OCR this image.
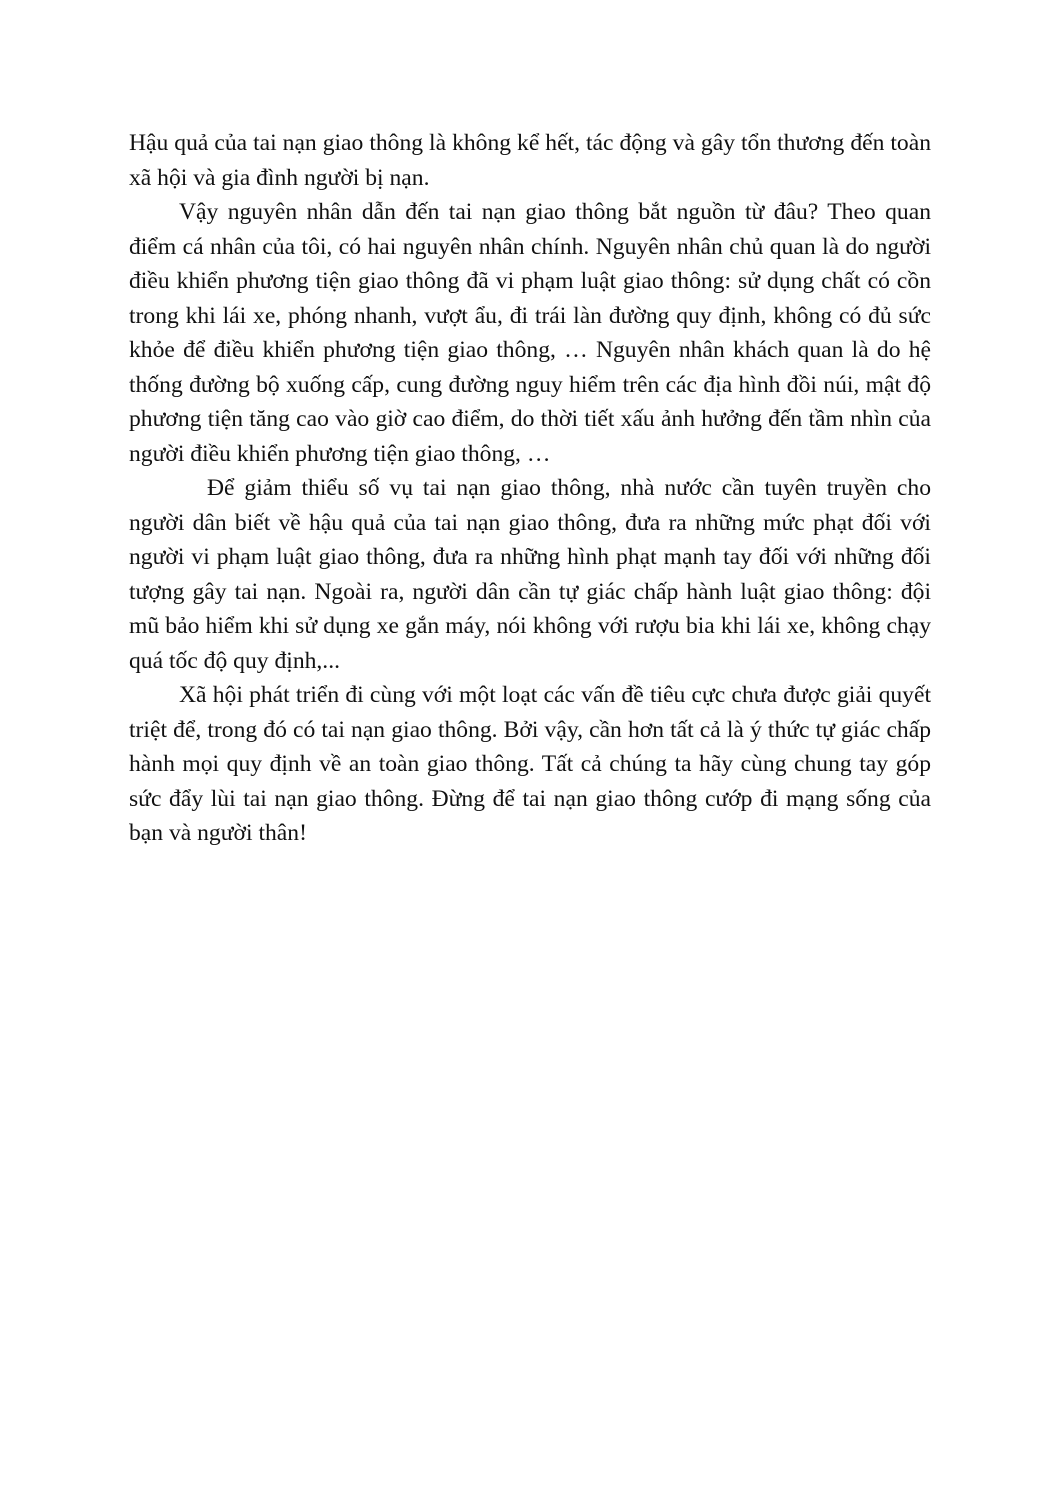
Hậu quả của tai nạn giao thông là không kể hết, tác động và gây tổn thương đến toàn xã hội và gia đình người bị nạn.

Vậy nguyên nhân dẫn đến tai nạn giao thông bắt nguồn từ đâu? Theo quan điểm cá nhân của tôi, có hai nguyên nhân chính. Nguyên nhân chủ quan là do người điều khiển phương tiện giao thông đã vi phạm luật giao thông: sử dụng chất có cồn trong khi lái xe, phóng nhanh, vượt ẩu, đi trái làn đường quy định, không có đủ sức khỏe để điều khiển phương tiện giao thông, … Nguyên nhân khách quan là do hệ thống đường bộ xuống cấp, cung đường nguy hiểm trên các địa hình đồi núi, mật độ phương tiện tăng cao vào giờ cao điểm, do thời tiết xấu ảnh hưởng đến tầm nhìn của người điều khiển phương tiện giao thông, …

Để giảm thiểu số vụ tai nạn giao thông, nhà nước cần tuyên truyền cho người dân biết về hậu quả của tai nạn giao thông, đưa ra những mức phạt đối với người vi phạm luật giao thông, đưa ra những hình phạt mạnh tay đối với những đối tượng gây tai nạn. Ngoài ra, người dân cần tự giác chấp hành luật giao thông: đội mũ bảo hiểm khi sử dụng xe gắn máy, nói không với rượu bia khi lái xe, không chạy quá tốc độ quy định,...

Xã hội phát triển đi cùng với một loạt các vấn đề tiêu cực chưa được giải quyết triệt để, trong đó có tai nạn giao thông. Bởi vậy, cần hơn tất cả là ý thức tự giác chấp hành mọi quy định về an toàn giao thông. Tất cả chúng ta hãy cùng chung tay góp sức đẩy lùi tai nạn giao thông. Đừng để tai nạn giao thông cướp đi mạng sống của bạn và người thân!
